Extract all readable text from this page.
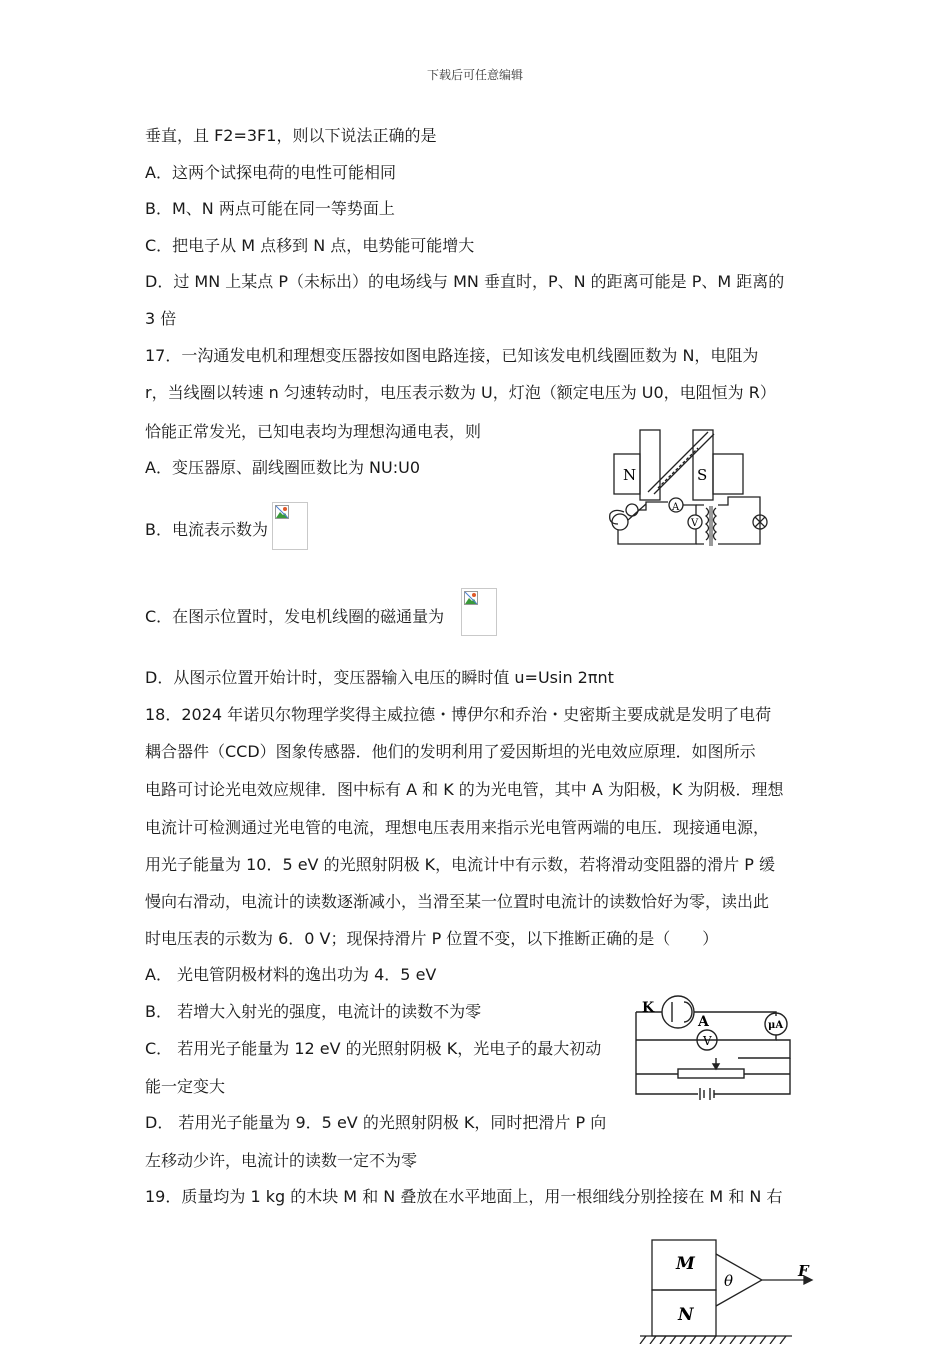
下载后可任意编辑
垂直，且 F2=3F1，则以下说法正确的是
A．这两个试探电荷的电性可能相同
B．M、N 两点可能在同一等势面上
C．把电子从 M 点移到 N 点，电势能可能增大
D．过 MN 上某点 P（未标出）的电场线与 MN 垂直时，P、N 的距离可能是 P、M 距离的
3 倍
17．一沟通发电机和理想变压器按如图电路连接，已知该发电机线圈匝数为 N，电阻为
r，当线圈以转速 n 匀速转动时，电压表示数为 U，灯泡（额定电压为 U0，电阻恒为 R）
恰能正常发光，已知电表均为理想沟通电表，则
A．变压器原、副线圈匝数比为 NU:U0
B．电流表示数为
C．在图示位置时，发电机线圈的磁通量为
D．从图示位置开始计时，变压器输入电压的瞬时值 u=Usin 2πnt
18．2024 年诺贝尔物理学奖得主威拉德・博伊尔和乔治・史密斯主要成就是发明了电荷
耦合器件（CCD）图象传感器．他们的发明利用了爱因斯坦的光电效应原理．如图所示
电路可讨论光电效应规律．图中标有 A 和 K 的为光电管，其中 A 为阳极，K 为阴极．理想
电流计可检测通过光电管的电流，理想电压表用来指示光电管两端的电压．现接通电源，
用光子能量为 10．5 eV 的光照射阴极 K，电流计中有示数，若将滑动变阻器的滑片 P 缓
慢向右滑动，电流计的读数逐渐减小，当滑至某一位置时电流计的读数恰好为零，读出此
时电压表的示数为 6．0 V；现保持滑片 P 位置不变，以下推断正确的是（　　）
A． 光电管阴极材料的逸出功为 4．5 eV
B． 若增大入射光的强度，电流计的读数不为零
C． 若用光子能量为 12 eV 的光照射阴极 K，光电子的最大初动
能一定变大
D． 若用光子能量为 9．5 eV 的光照射阴极 K，同时把滑片 P 向
左移动少许，电流计的读数一定不为零
19．质量均为 1 kg 的木块 M 和 N 叠放在水平地面上，用一根细线分别拴接在 M 和 N 右
N	S
A
V
K
A	μA
V
M
N
θ
F
